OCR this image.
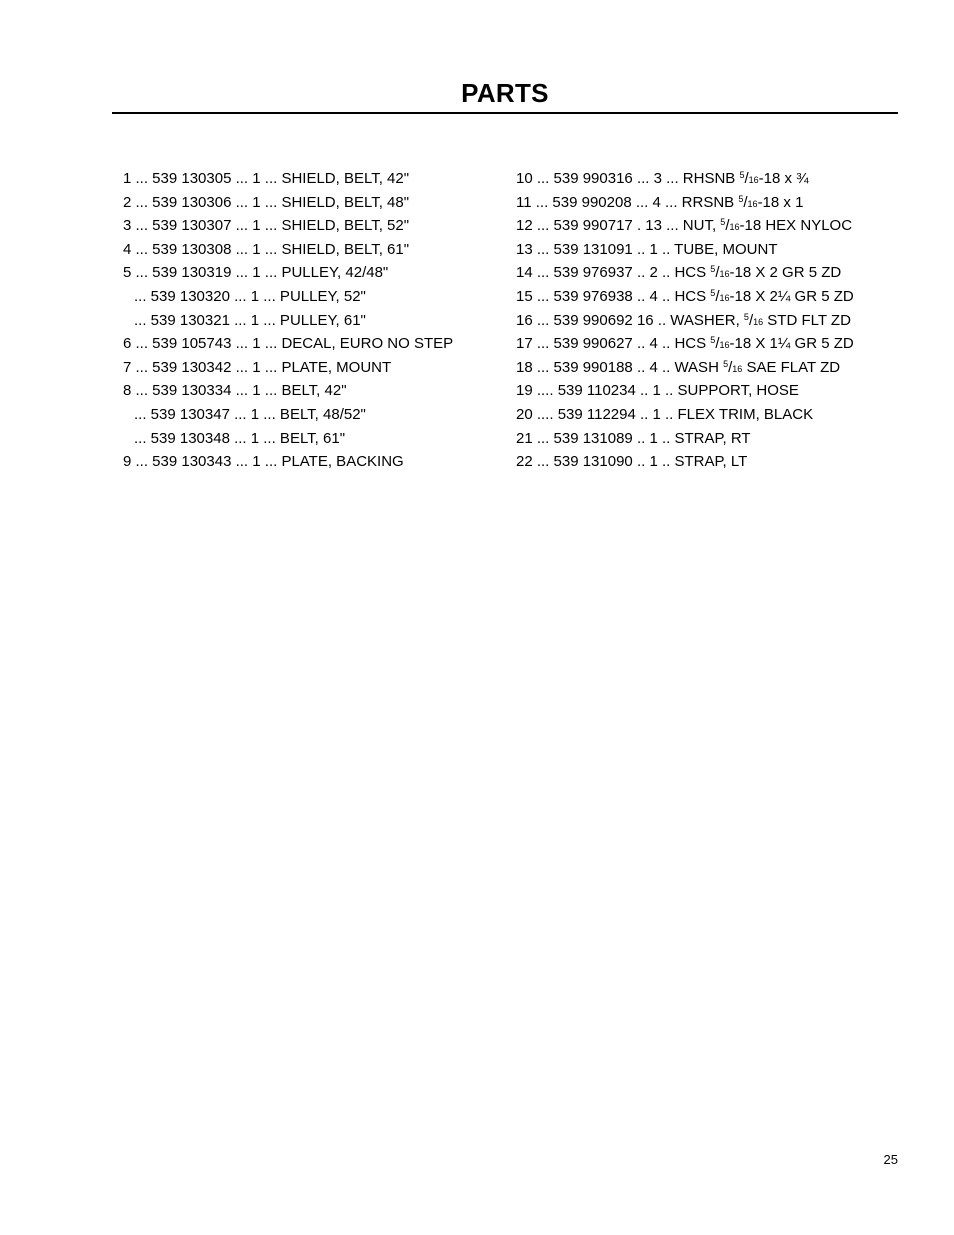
PARTS
1 ... 539 130305 ... 1 ... SHIELD, BELT, 42"
2 ... 539 130306 ... 1 ... SHIELD, BELT, 48"
3 ... 539 130307 ... 1 ... SHIELD, BELT, 52"
4 ... 539 130308 ... 1 ... SHIELD, BELT, 61"
5 ... 539 130319 ... 1 ... PULLEY, 42/48"
... 539 130320 ... 1 ... PULLEY, 52"
... 539 130321 ... 1 ... PULLEY, 61"
6 ... 539 105743 ... 1 ... DECAL, EURO NO STEP
7 ... 539 130342 ... 1 ... PLATE, MOUNT
8 ... 539 130334 ... 1 ... BELT, 42"
... 539 130347 ... 1 ... BELT, 48/52"
... 539 130348 ... 1 ... BELT, 61"
9 ... 539 130343 ... 1 ... PLATE, BACKING
10 ... 539 990316 ... 3 ... RHSNB $^5$/16-18 x ¾
11 ... 539 990208 ... 4 ... RRSNB $^5$/16-18 x 1
12 ... 539 990717 . 13 ... NUT, $^5$/16-18 HEX NYLOC
13 ... 539 131091 .. 1 .. TUBE, MOUNT
14 ... 539 976937 .. 2 .. HCS $^5$/16-18 X 2 GR 5 ZD
15 ... 539 976938 .. 4 .. HCS $^5$/16-18 X 2¼ GR 5 ZD
16 ... 539 990692 16 .. WASHER, $^5$/16 STD FLT ZD
17 ... 539 990627 .. 4 .. HCS $^5$/16-18 X 1¼ GR 5 ZD
18 ... 539 990188 .. 4 .. WASH $^5$/16 SAE FLAT ZD
19 .... 539 110234 .. 1 .. SUPPORT, HOSE
20 .... 539 112294 .. 1 .. FLEX TRIM, BLACK
21 ... 539 131089 .. 1 .. STRAP, RT
22 ... 539 131090 .. 1 .. STRAP, LT
25
